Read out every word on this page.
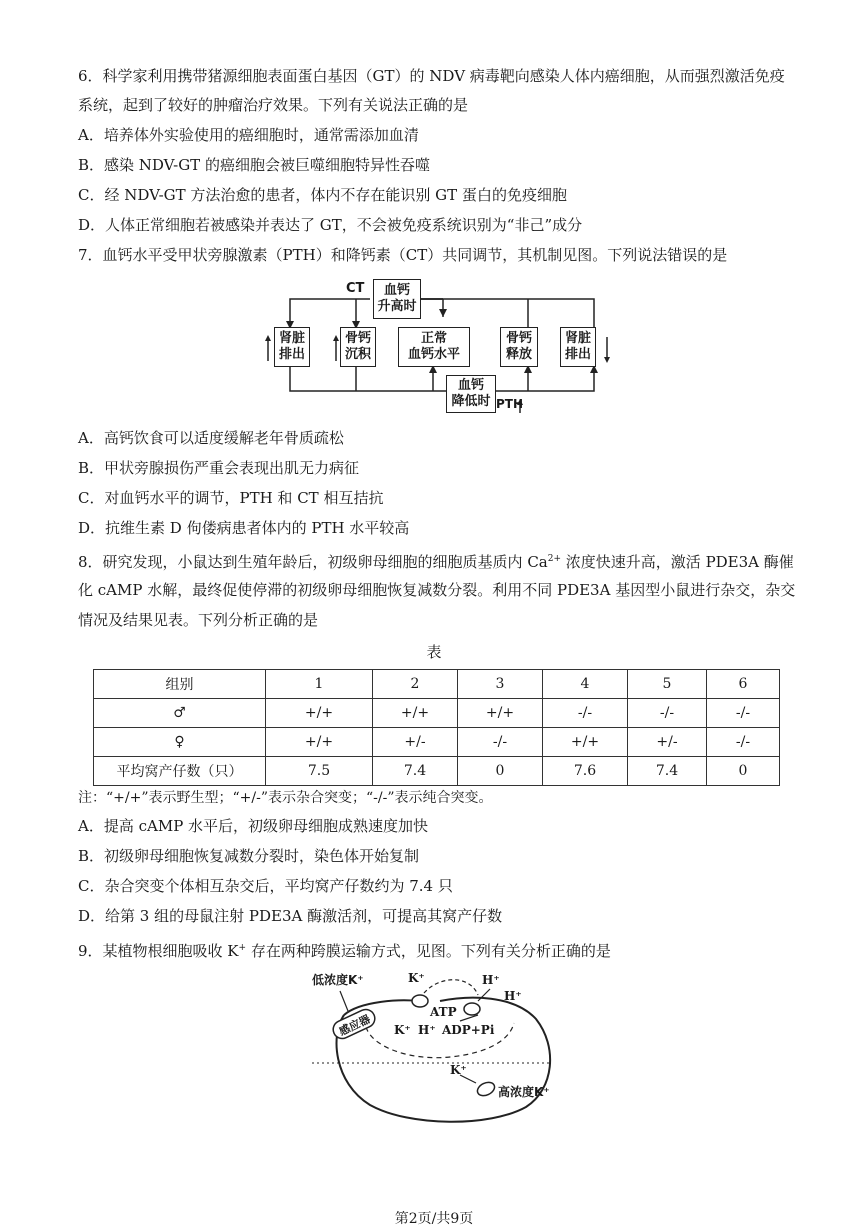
6．科学家利用携带猪源细胞表面蛋白基因（GT）的 NDV 病毒靶向感染人体内癌细胞，从而强烈激活免疫
系统，起到了较好的肿瘤治疗效果。下列有关说法正确的是
A．培养体外实验使用的癌细胞时，通常需添加血清
B．感染 NDV-GT 的癌细胞会被巨噬细胞特异性吞噬
C．经 NDV-GT 方法治愈的患者，体内不存在能识别 GT 蛋白的免疫细胞
D．人体正常细胞若被感染并表达了 GT，不会被免疫系统识别为“非己”成分
7．血钙水平受甲状旁腺激素（PTH）和降钙素（CT）共同调节，其机制见图。下列说法错误的是
CT 血钙
升高时
肾脏
排出
骨钙
沉积
正常
血钙水平
骨钙
释放
肾脏
排出
血钙
降低时 PTH
A．高钙饮食可以适度缓解老年骨质疏松
B．甲状旁腺损伤严重会表现出肌无力病征
C．对血钙水平的调节，PTH 和 CT 相互拮抗
D．抗维生素 D 佝偻病患者体内的 PTH 水平较高
8．研究发现，小鼠达到生殖年龄后，初级卵母细胞的细胞质基质内 $Ca^{2+}$ 浓度快速升高，激活 PDE3A 酶催
化 cAMP 水解，最终促使停滞的初级卵母细胞恢复减数分裂。利用不同 PDE3A 基因型小鼠进行杂交，杂交
情况及结果见表。下列分析正确的是
表
组别	1	2	3	4	5	6
♂	+/+	+/+	+/+	-/-	-/-	-/-
♀	+/+	+/-	-/-	+/+	+/-	-/-
平均窝产仔数（只）	7.5	7.4	0	7.6	7.4	0
注：“+/+”表示野生型；“+/-”表示杂合突变；“-/-”表示纯合突变。
A．提高 cAMP 水平后，初级卵母细胞成熟速度加快
B．初级卵母细胞恢复减数分裂时，染色体开始复制
C．杂合突变个体相互杂交后，平均窝产仔数约为 7.4 只
D．给第 3 组的母鼠注射 PDE3A 酶激活剂，可提高其窝产仔数
9．某植物根细胞吸收 K+ 存在两种跨膜运输方式，见图。下列有关分析正确的是
低浓度K⁺
感应器
K⁺	H⁺
H⁺
K⁺ H⁺
ATP
ADP+Pi
K⁺
高浓度K⁺
第2页/共9页
